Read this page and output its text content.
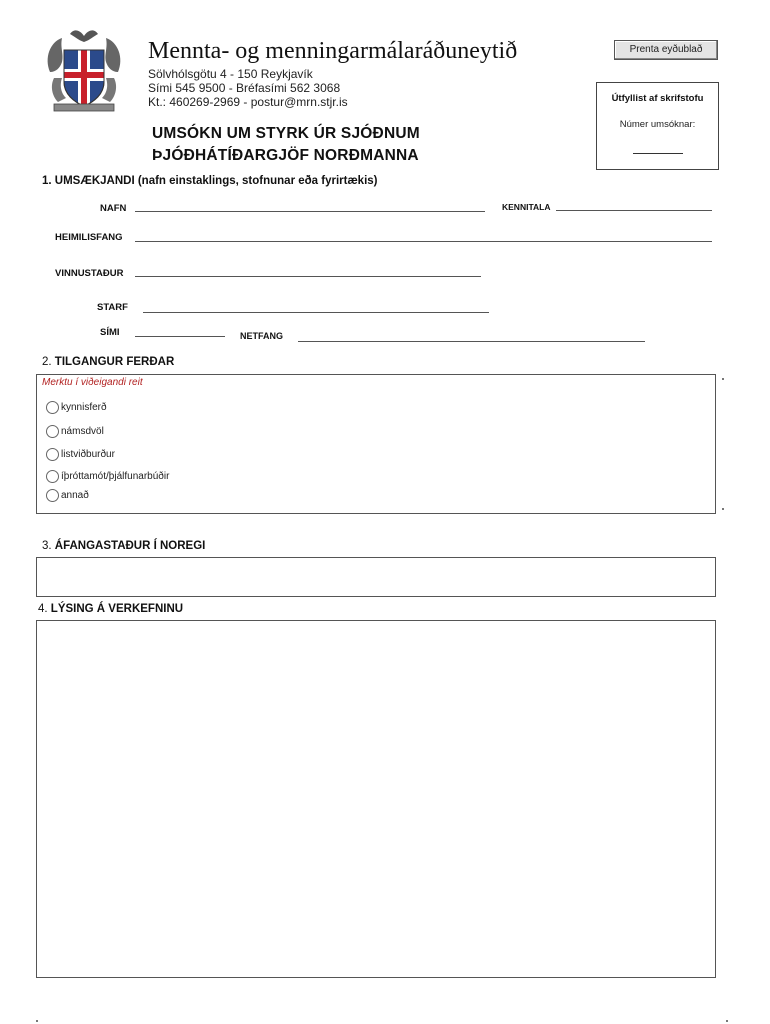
Mennta- og menningarmálaráðuneytið
Sölvhólsgötu 4 - 150 Reykjavík
Sími 545 9500 - Bréfasími 562 3068
Kt.: 460269-2969 - postur@mrn.stjr.is
UMSÓKN UM STYRK ÚR SJÓÐNUM
ÞJÓÐHÁTÍÐARGJÖF NORÐMANNA
Prenta eyðublað
Útfyllist af skrifstofu
Númer umsóknar:
1. UMSÆKJANDI (nafn einstaklings, stofnunar eða fyrirtækis)
NAFN	KENNITALA
HEIMILISFANG
VINNUSTAÐUR
STARF
SÍMI	NETFANG
2. TILGANGUR FERÐAR
Merktu í viðeigandi reit
kynnisferð
námsdvöl
listviðburður
íþróttamót/þjálfunarbúðir
annað
3. ÁFANGASTAÐUR Í NOREGI
4. LÝSING Á VERKEFNINU
